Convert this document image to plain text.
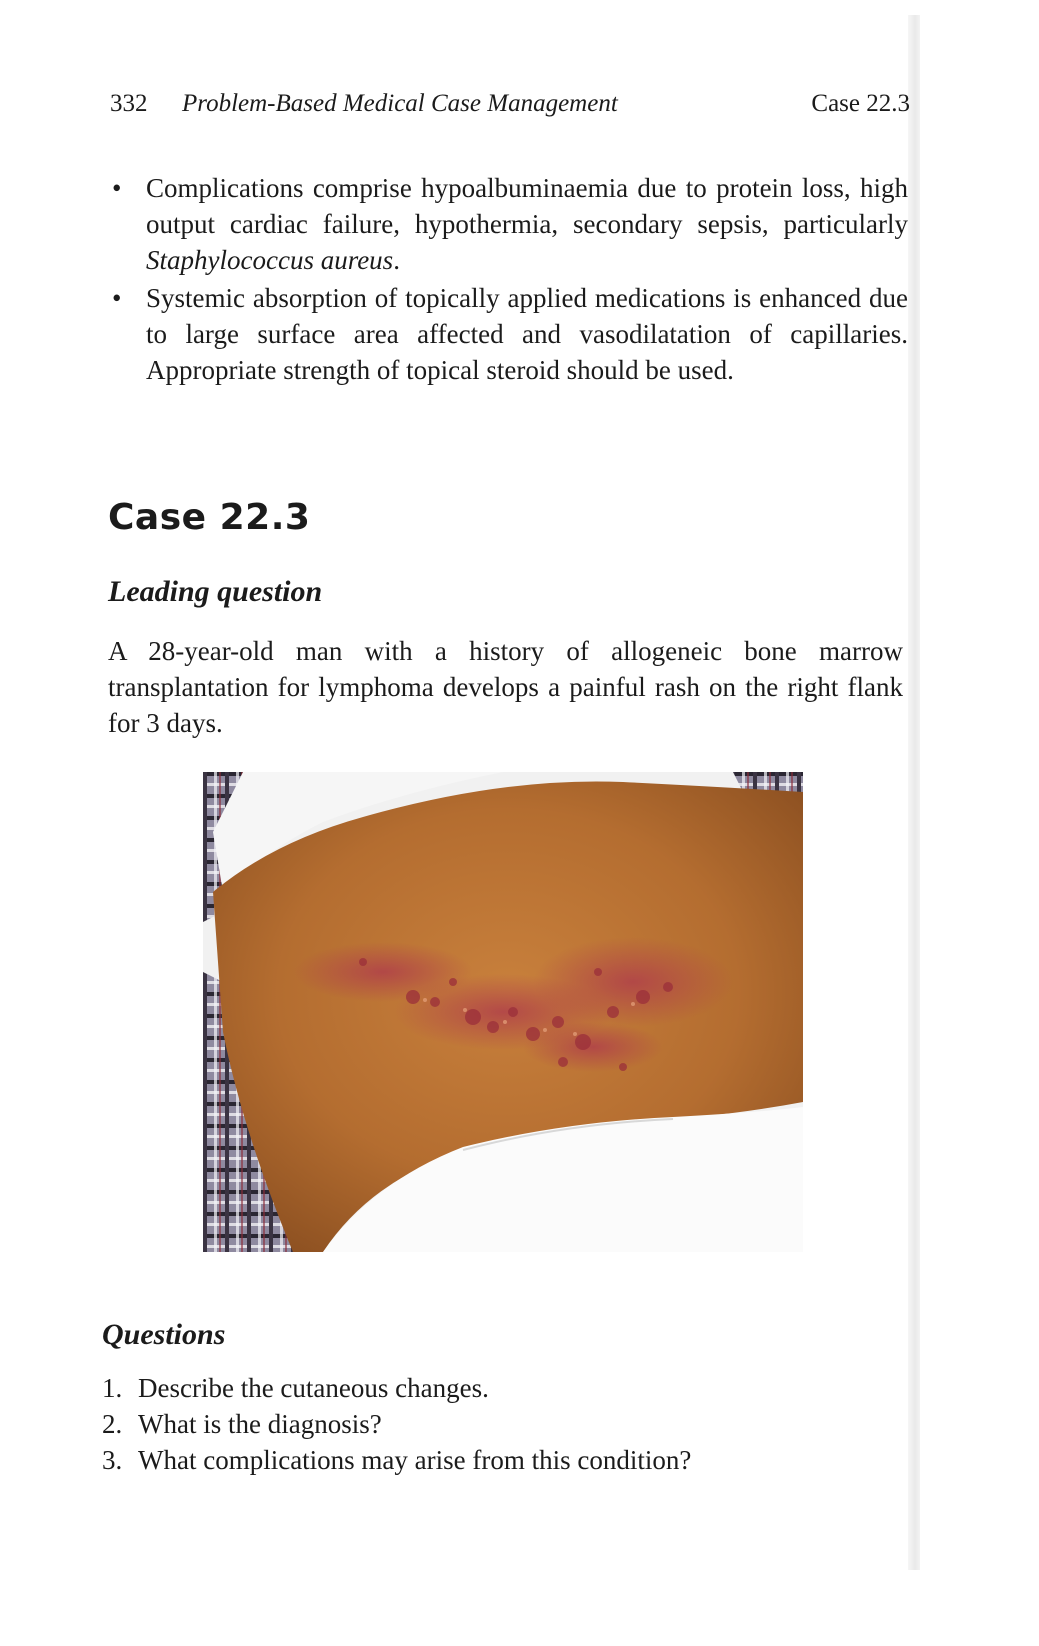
332 Problem-Based Medical Case Management	Case 22.3
• Complications comprise hypoalbuminaemia due to protein loss, high output cardiac failure, hypothermia, secondary sepsis, particularly Staphylococcus aureus.
• Systemic absorption of topically applied medications is enhanced due to large surface area affected and vasodilatation of capillaries. Appropriate strength of topical steroid should be used.
Case 22.3
Leading question

A 28-year-old man with a history of allogeneic bone marrow transplantation for lymphoma develops a painful rash on the right flank for 3 days.

Questions
1. Describe the cutaneous changes.
2. What is the diagnosis?
3. What complications may arise from this condition?
